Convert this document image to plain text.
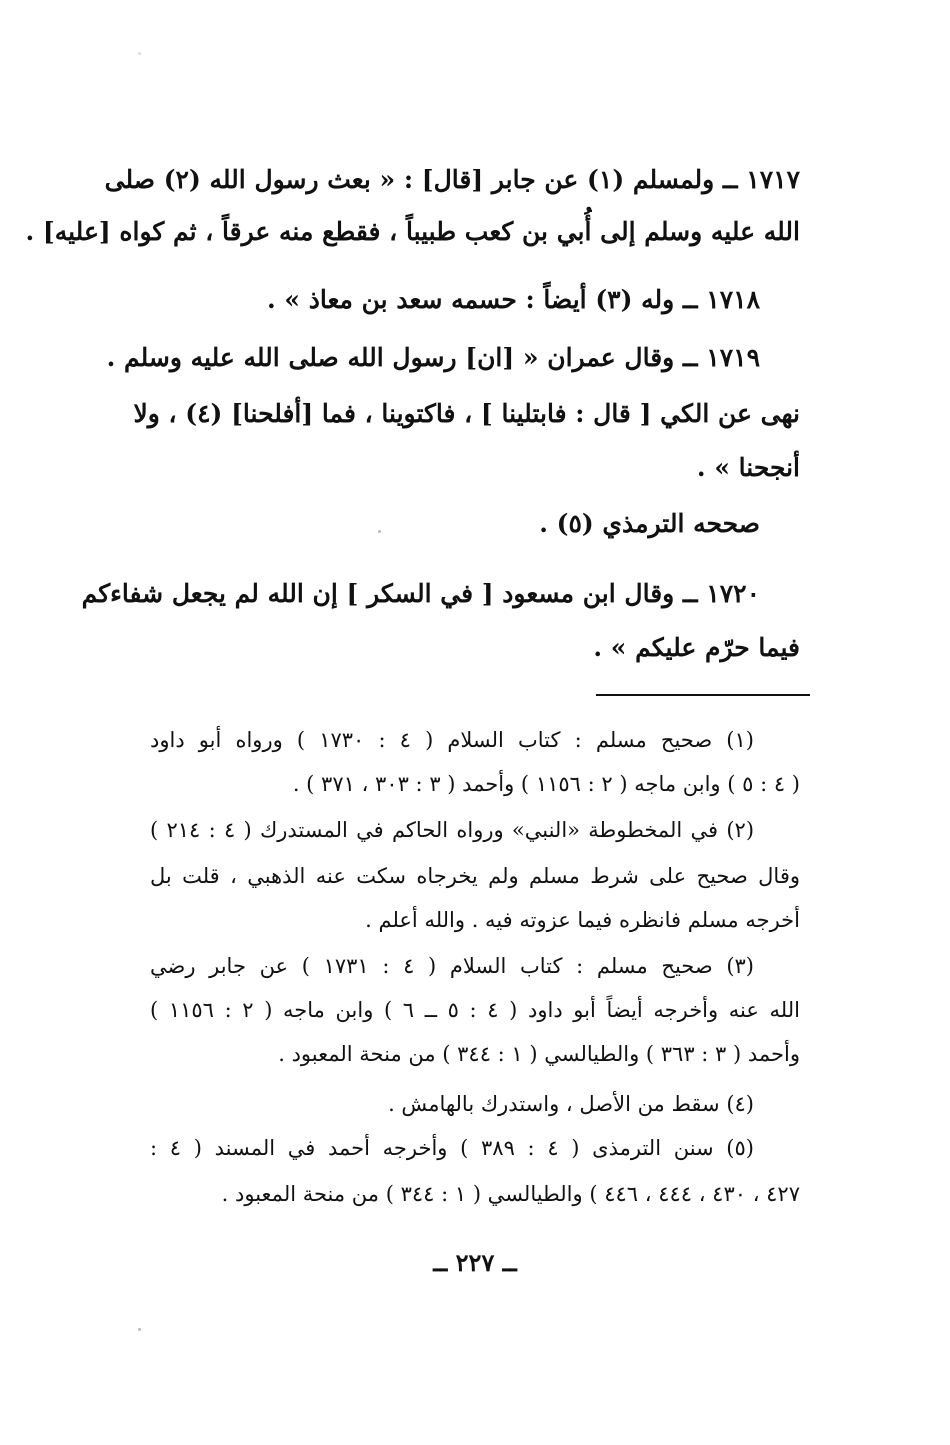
١٧١٧ ــ ولمسلم (١) عن جابر [قال] : « بعث رسول الله (٢) صلى
الله عليه وسلم إلى أُبي بن كعب طبيباً ، فقطع منه عرقاً ، ثم كواه [عليه] .
١٧١٨ ــ وله (٣) أيضاً : حسمه سعد بن معاذ » .
١٧١٩ ــ وقال عمران « [ان] رسول الله صلى الله عليه وسلم .
نهى عن الكي [ قال : فابتلينا ] ، فاكتوينا ، فما [أفلحنا] (٤) ، ولا
أنجحنا » .
صححه الترمذي (٥) .
١٧٢٠ ــ وقال ابن مسعود [ في السكر ] إن الله لم يجعل شفاءكم
فيما حرّم عليكم » .
(١) صحيح مسلم : كتاب السلام ( ٤ : ١٧٣٠ ) ورواه أبو داود
( ٤ : ٥ ) وابن ماجه ( ٢ : ١١٥٦ ) وأحمد ( ٣ : ٣٠٣ ، ٣٧١ ) .
(٢) في المخطوطة «النبي» ورواه الحاكم في المستدرك ( ٤ : ٢١٤ )
وقال صحيح على شرط مسلم ولم يخرجاه سكت عنه الذهبي ، قلت بل
أخرجه مسلم فانظره فيما عزوته فيه . والله أعلم .
(٣) صحيح مسلم : كتاب السلام ( ٤ : ١٧٣١ ) عن جابر رضي
الله عنه وأخرجه أيضاً أبو داود ( ٤ : ٥ ــ ٦ ) وابن ماجه ( ٢ : ١١٥٦ )
وأحمد ( ٣ : ٣٦٣ ) والطيالسي ( ١ : ٣٤٤ ) من منحة المعبود .
(٤) سقط من الأصل ، واستدرك بالهامش .
(٥) سنن الترمذى ( ٤ : ٣٨٩ ) وأخرجه أحمد في المسند ( ٤ :
٤٢٧ ، ٤٣٠ ، ٤٤٤ ، ٤٤٦ ) والطيالسي ( ١ : ٣٤٤ ) من منحة المعبود .
ــ ٢٢٧ ــ
